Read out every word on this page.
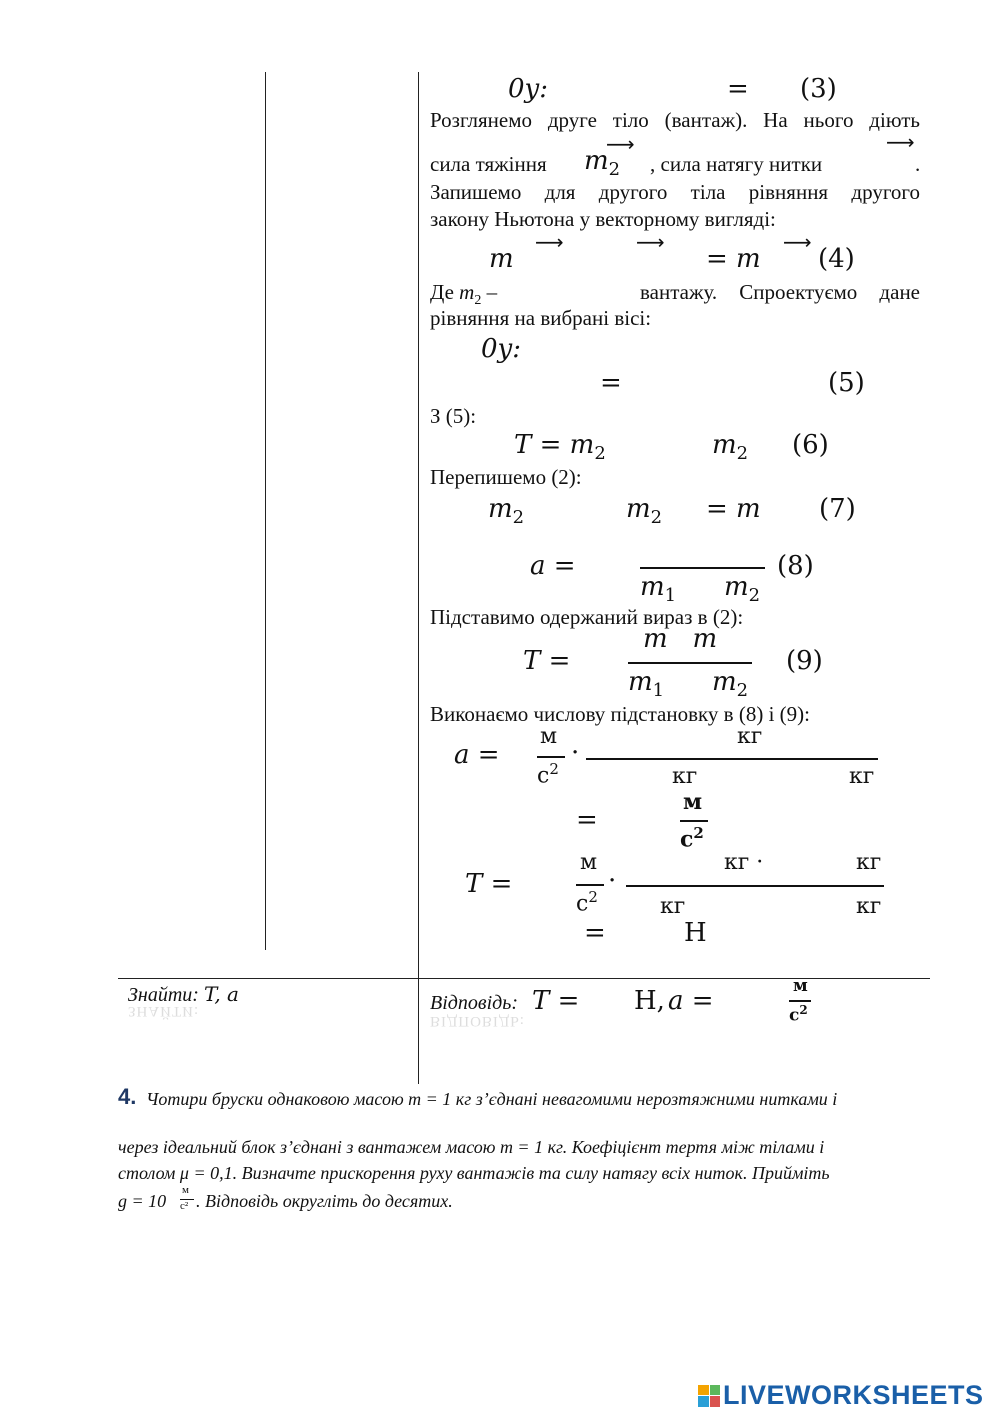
0y:	= (3)
Розглянемо друге тіло (вантаж). На нього діють
⟶	⟶
сила тяжіння $m_2$ , сила натягу нитки	.
Запишемо для другого тіла рівняння другого
закону Ньютона у векторному вигляді:
⟶	⟶	⟶
m	= m (4)
Де $m_2$ –	вантажу. Спроектуємо дане
рівняння на вибрані вісі:
0y:
=	(5)
З (5):
$T = m_2$	$m_2$ (6)
Перепишемо (2):
$m_2$	$m_2 = m$ (7)
a =
$m_1$ $m_2$
(8)
Підставимо одержаний вираз в (2):
T =
m   m
$m_1$ $m_2$
(9)
Виконаємо числову підстановку в (8) і (9):
a =
м
$с^2$
·
кг
кг	кг
=
м
$с^2$
T =
м
$с^2$
·
кг ·	кг
кг	кг
=	Н
Знайти: T, a
ЗНАЙТИ:	Відповідь:
ВІДПОВІДЬ:
T = Н, a =	м
$с^2$
4. Чотири бруски однаковою масою m = 1 кг з’єднані невагомими нерозтяжними нитками і
через ідеальний блок з’єднані з вантажем масою m = 1 кг. Коефіцієнт тертя між тілами і
столом μ = 0,1. Визначте прискорення руху вантажів та силу натягу всіх ниток. Прийміть
g = 10
м
с² . Відповідь округліть до десятих.
LIVEWORKSHEETS
